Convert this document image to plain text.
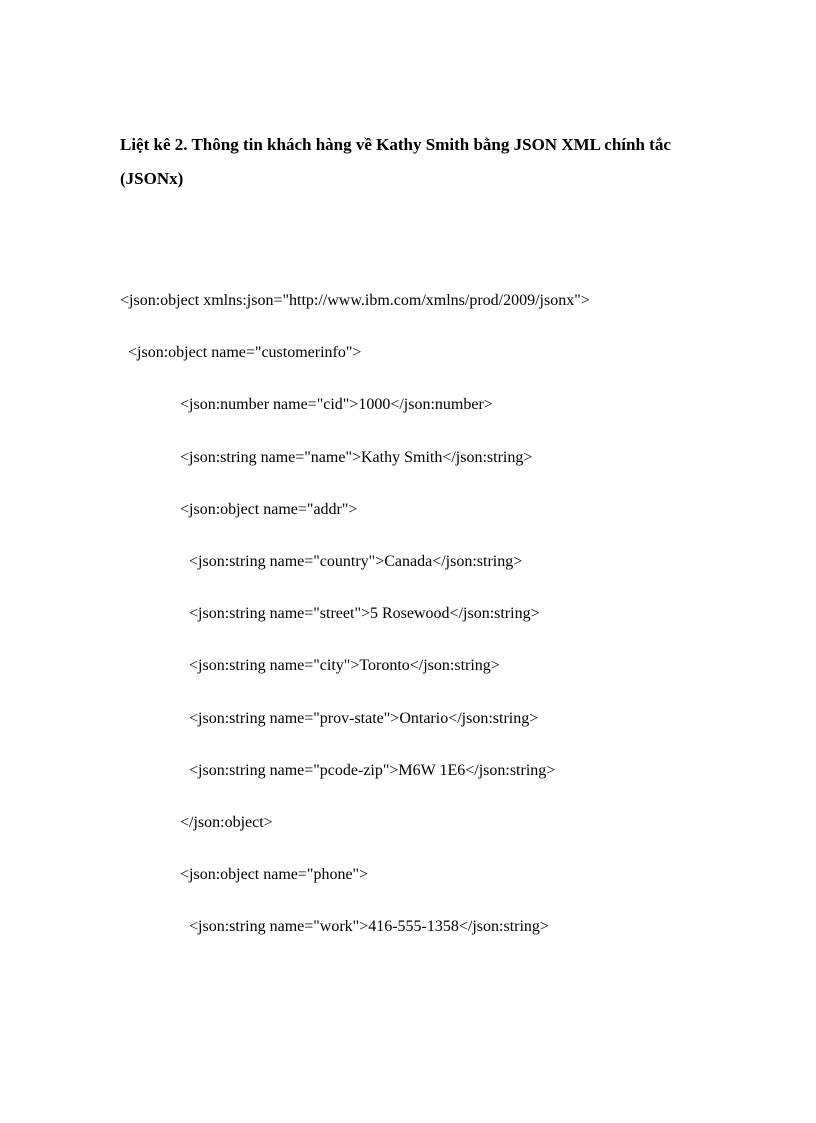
Liệt kê 2. Thông tin khách hàng về Kathy Smith bằng JSON XML chính tắc
(JSONx)
<json:object xmlns:json="http://www.ibm.com/xmlns/prod/2009/jsonx">
<json:object name="customerinfo">
<json:number name="cid">1000</json:number>
<json:string name="name">Kathy Smith</json:string>
<json:object name="addr">
<json:string name="country">Canada</json:string>
<json:string name="street">5 Rosewood</json:string>
<json:string name="city">Toronto</json:string>
<json:string name="prov-state">Ontario</json:string>
<json:string name="pcode-zip">M6W 1E6</json:string>
</json:object>
<json:object name="phone">
<json:string name="work">416-555-1358</json:string>
